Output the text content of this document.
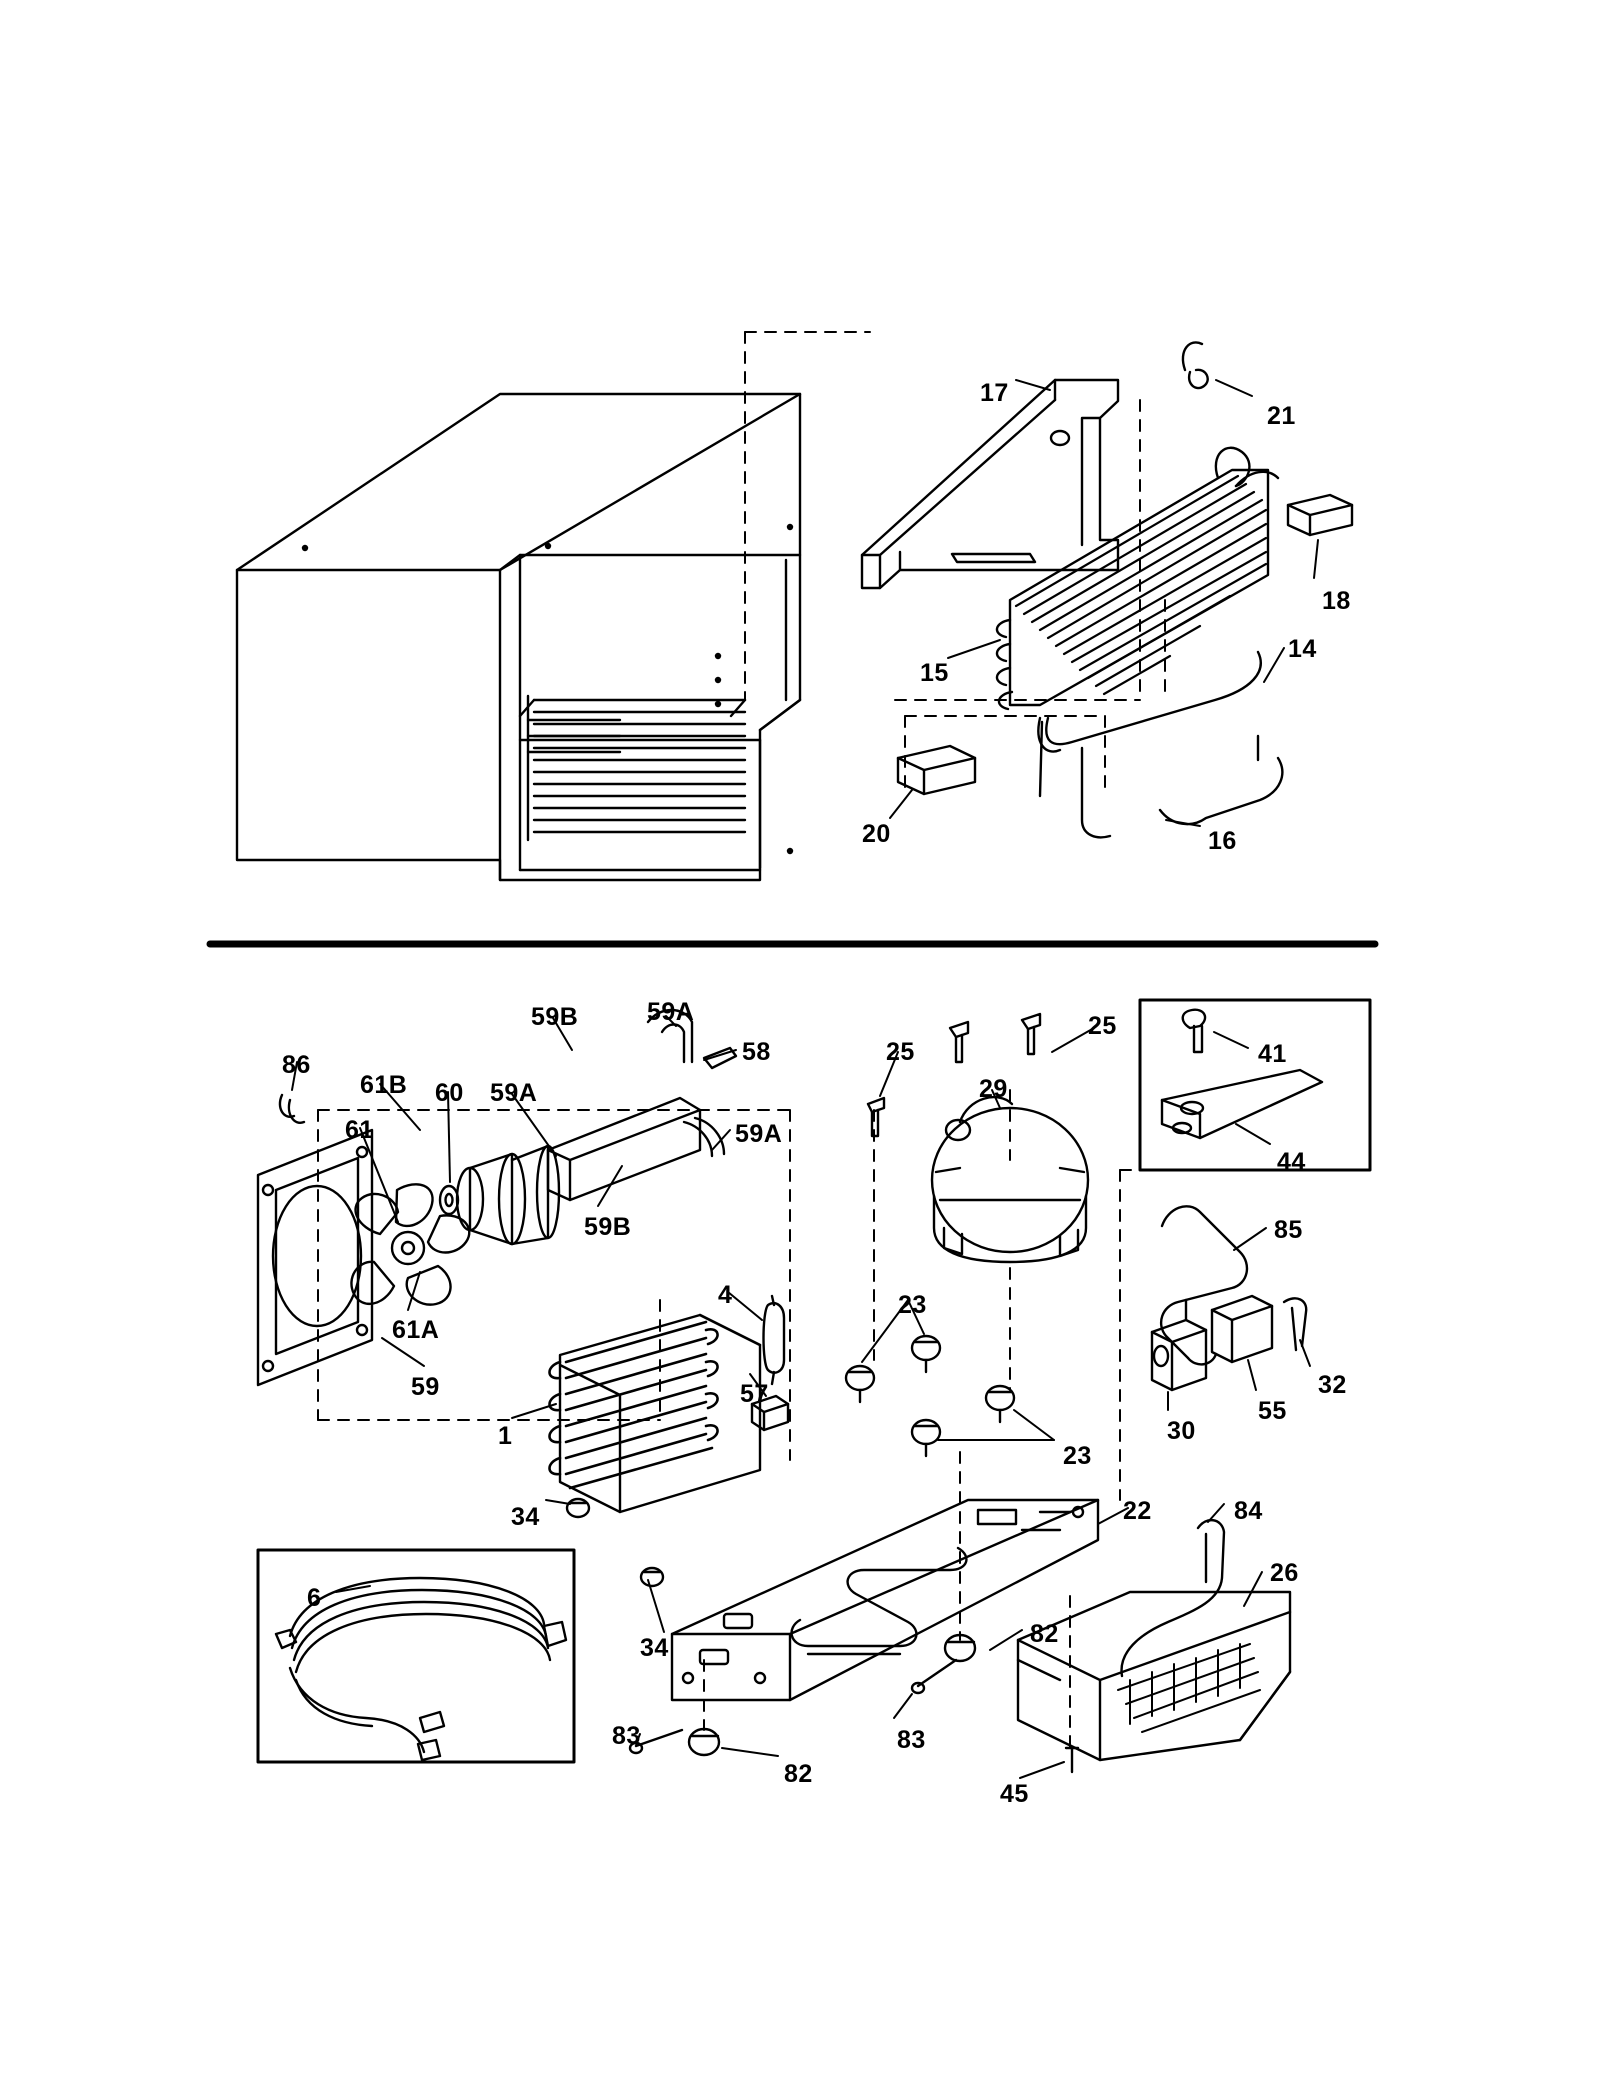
17
21
18
15
14
20	16
59B	59A
58	25
25
29
41
86
61B 60 59A
59A
61
44
59B	85
61A
4	23
59	32
55
30
57
1
23
34	22	84
26
6
34	82
83	83
82
45
